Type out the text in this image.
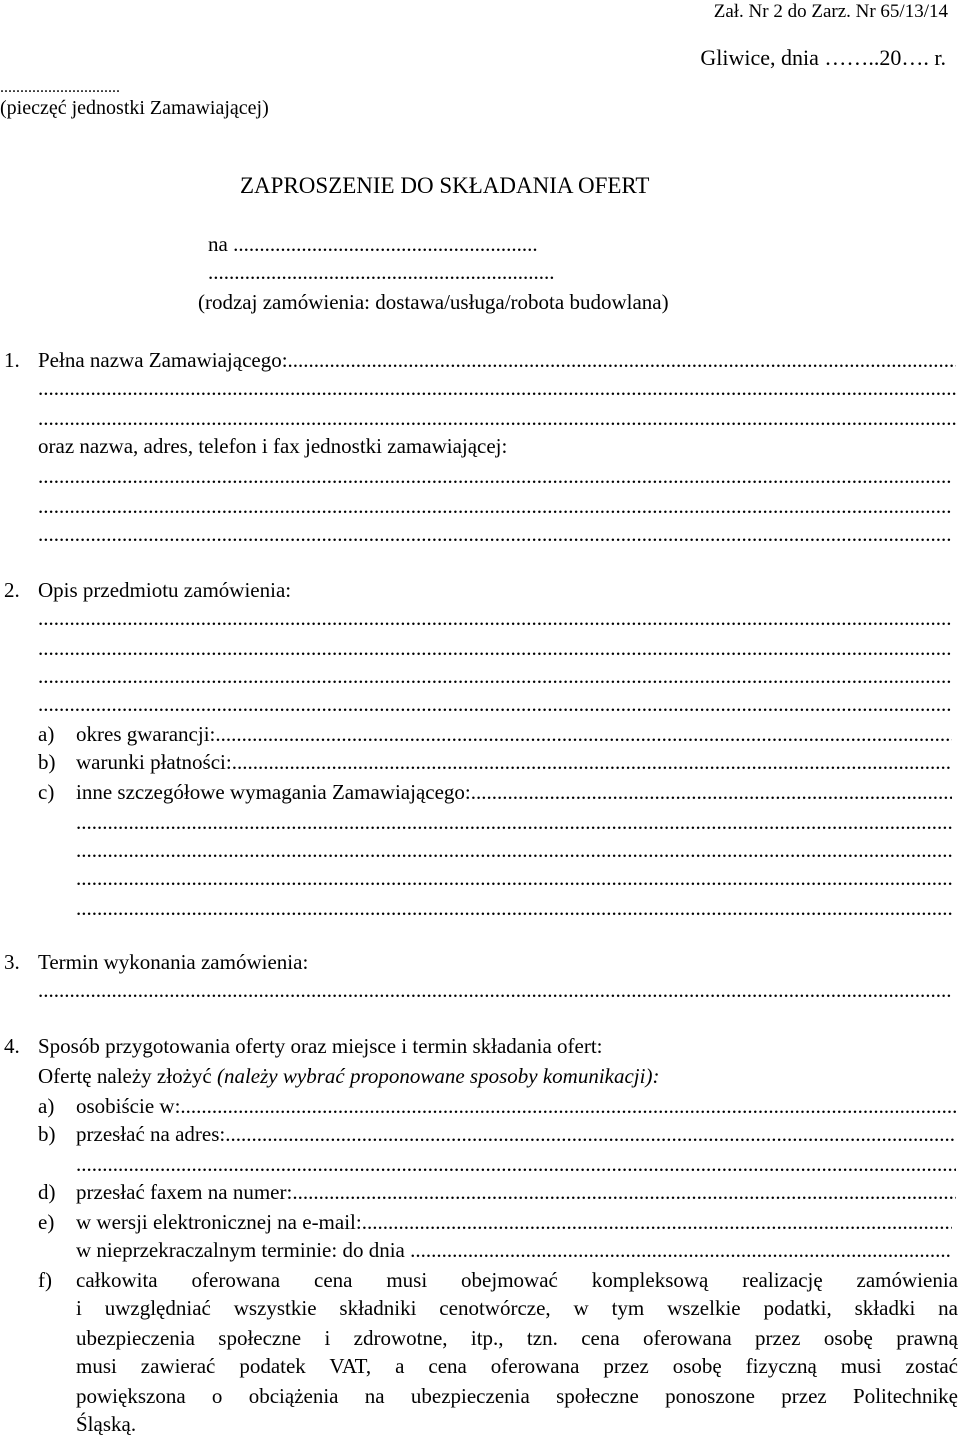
Zał. Nr 2 do Zarz. Nr 65/13/14
Gliwice, dnia ……..20…. r.
..............................
(pieczęć jednostki Zamawiającej)
ZAPROSZENIE DO SKŁADANIA OFERT
na ..........................................................
..................................................................
(rodzaj zamówienia: dostawa/usługa/robota budowlana)
1. Pełna nazwa Zamawiającego:
.....
.....
.....
oraz nazwa, adres, telefon i fax jednostki zamawiającej:
.....
.....
.....
2. Opis przedmiotu zamówienia:
.....
.....
.....
.....
a)	okres gwarancji:
.....
b) warunki płatności:
.....
c)	inne szczegółowe wymagania Zamawiającego:
.....
.....
.....
.....
.....
3. Termin wykonania zamówienia:
.....
4. Sposób przygotowania oferty oraz miejsce i termin składania ofert:
Ofertę należy złożyć
(należy wybrać proponowane sposoby komunikacji):
a)	osobiście w:
.....
b) przesłać na adres:
.....
.....
d) przesłać faxem na numer:
.....
e)	w wersji elektronicznej na e-mail:
.....
w nieprzekraczalnym terminie: do dnia

.....
f) całkowita oferowana cena musi obejmować kompleksową realizację zamówienia
i uwzględniać wszystkie składniki cenotwórcze, w tym wszelkie podatki, składki na
ubezpieczenia społeczne i zdrowotne, itp., tzn. cena oferowana przez osobę prawną
musi zawierać podatek VAT, a cena oferowana przez osobę fizyczną musi zostać
powiększona o obciążenia na ubezpieczenia społeczne ponoszone przez Politechnikę
Śląską.
